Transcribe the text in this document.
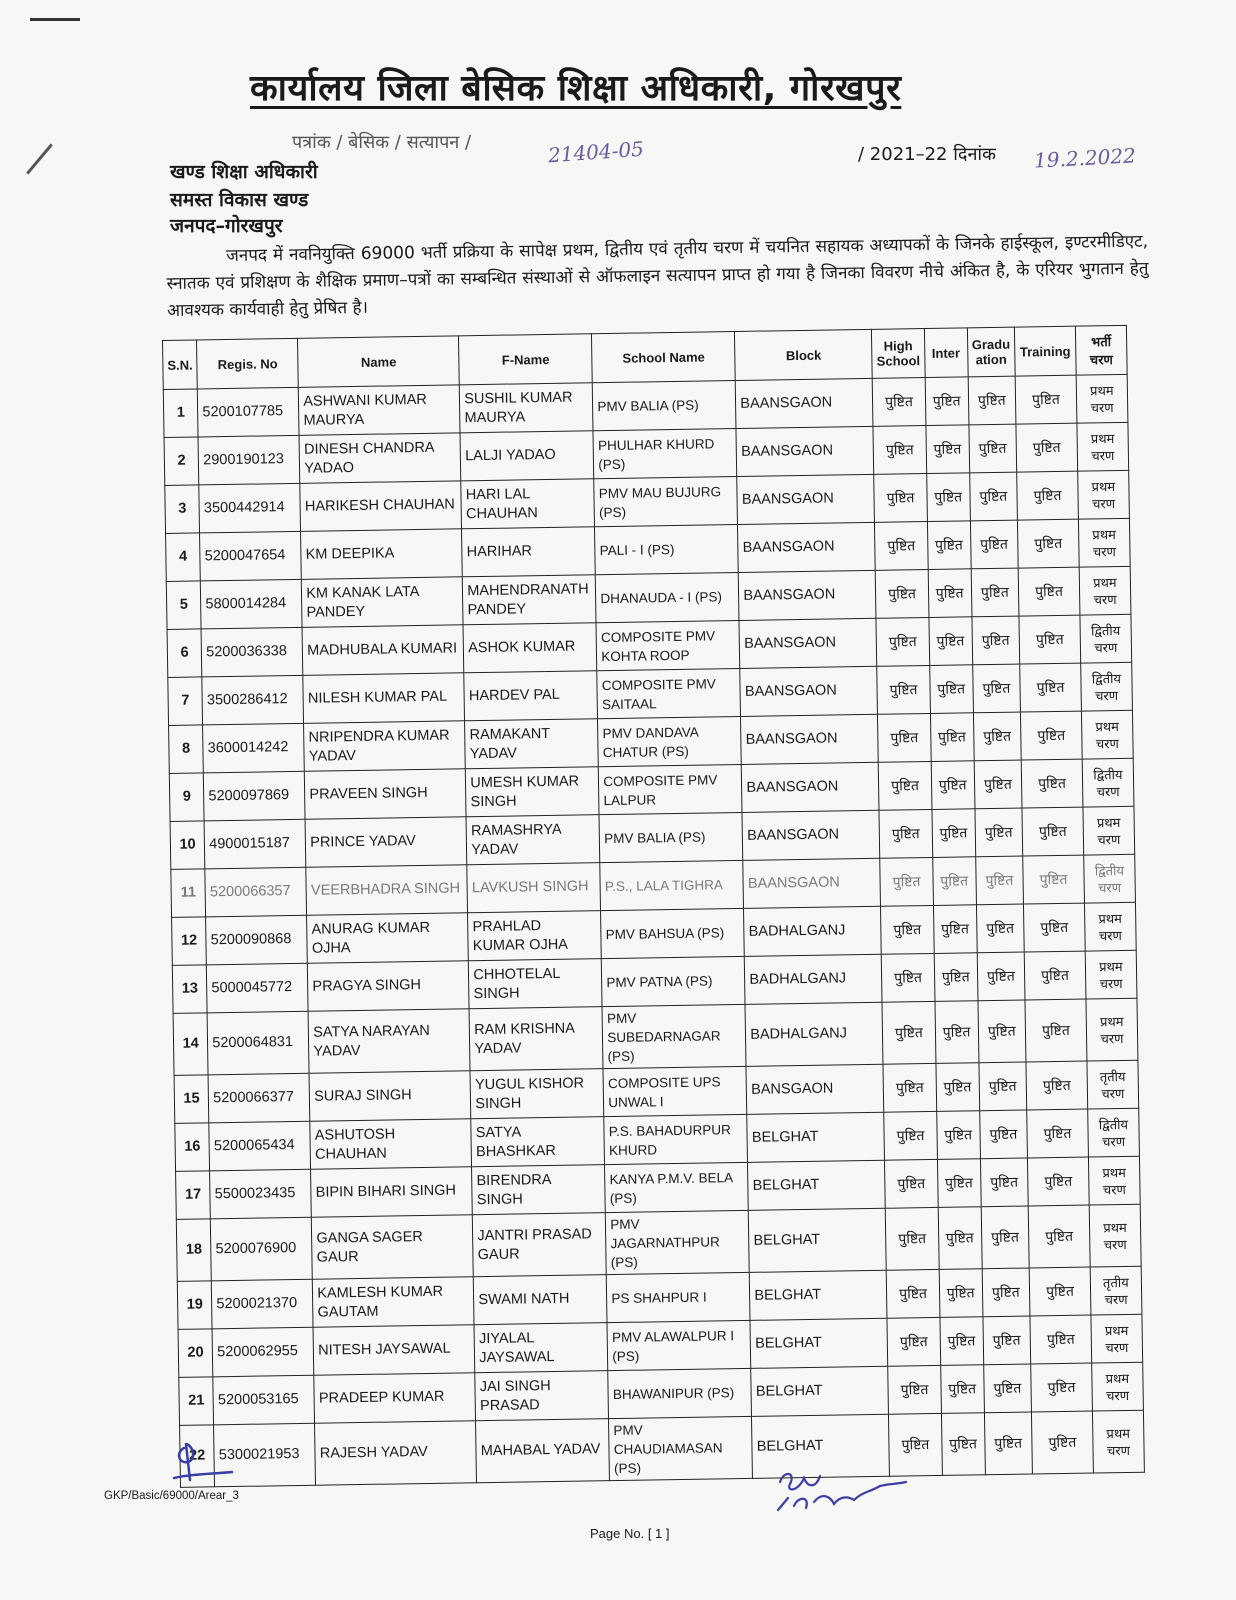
कार्यालय जिला बेसिक शिक्षा अधिकारी, गोरखपुर
पत्रांक / बेसिक / सत्यापन /	21404-05	/ 2021–22 दिनांक 19.2.2022
खण्ड शिक्षा अधिकारी
समस्त विकास खण्ड
जनपद–गोरखपुर
जनपद में नवनियुक्ति 69000 भर्ती प्रक्रिया के सापेक्ष प्रथम, द्वितीय एवं तृतीय चरण में चयनित सहायक अध्यापकों के जिनके हाईस्कूल, इण्टरमीडिएट, स्नातक एवं प्रशिक्षण के शैक्षिक प्रमाण–पत्रों का सम्बन्धित संस्थाओं से ऑफलाइन सत्यापन प्राप्त हो गया है जिनका विवरण नीचे अंकित है, के एरियर भुगतान हेतु आवश्यक कार्यवाही हेतु प्रेषित है।
S.N.	Regis. No	Name	F-Name	School Name	Block	High School	Inter	Gradu ation	Training	भर्ती चरण
1	5200107785	ASHWANI KUMAR MAURYA	SUSHIL KUMAR MAURYA	PMV BALIA (PS)	BAANSGAON	पुष्टित	पुष्टित	पुष्टित	पुष्टित	प्रथम चरण
2	2900190123	DINESH CHANDRA YADAO	LALJI YADAO	PHULHAR KHURD (PS)	BAANSGAON	पुष्टित	पुष्टित	पुष्टित	पुष्टित	प्रथम चरण
3	3500442914	HARIKESH CHAUHAN	HARI LAL CHAUHAN	PMV MAU BUJURG (PS)	BAANSGAON	पुष्टित	पुष्टित	पुष्टित	पुष्टित	प्रथम चरण
4	5200047654	KM DEEPIKA	HARIHAR	PALI - I (PS)	BAANSGAON	पुष्टित	पुष्टित	पुष्टित	पुष्टित	प्रथम चरण
5	5800014284	KM KANAK LATA PANDEY	MAHENDRANATH PANDEY	DHANAUDA - I (PS)	BAANSGAON	पुष्टित	पुष्टित	पुष्टित	पुष्टित	प्रथम चरण
6	5200036338	MADHUBALA KUMARI	ASHOK KUMAR	COMPOSITE PMV KOHTA ROOP	BAANSGAON	पुष्टित	पुष्टित	पुष्टित	पुष्टित	द्वितीय चरण
7	3500286412	NILESH KUMAR PAL	HARDEV PAL	COMPOSITE PMV SAITAAL	BAANSGAON	पुष्टित	पुष्टित	पुष्टित	पुष्टित	द्वितीय चरण
8	3600014242	NRIPENDRA KUMAR YADAV	RAMAKANT YADAV	PMV DANDAVA CHATUR (PS)	BAANSGAON	पुष्टित	पुष्टित	पुष्टित	पुष्टित	प्रथम चरण
9	5200097869	PRAVEEN SINGH	UMESH KUMAR SINGH	COMPOSITE PMV LALPUR	BAANSGAON	पुष्टित	पुष्टित	पुष्टित	पुष्टित	द्वितीय चरण
10	4900015187	PRINCE YADAV	RAMASHRYA YADAV	PMV BALIA (PS)	BAANSGAON	पुष्टित	पुष्टित	पुष्टित	पुष्टित	प्रथम चरण
11	5200066357	VEERBHADRA SINGH	LAVKUSH SINGH	P.S., LALA TIGHRA	BAANSGAON	पुष्टित	पुष्टित	पुष्टित	पुष्टित	द्वितीय चरण
12	5200090868	ANURAG KUMAR OJHA	PRAHLAD KUMAR OJHA	PMV BAHSUA (PS)	BADHALGANJ	पुष्टित	पुष्टित	पुष्टित	पुष्टित	प्रथम चरण
13	5000045772	PRAGYA SINGH	CHHOTELAL SINGH	PMV PATNA (PS)	BADHALGANJ	पुष्टित	पुष्टित	पुष्टित	पुष्टित	प्रथम चरण
14	5200064831	SATYA NARAYAN YADAV	RAM KRISHNA YADAV	PMV SUBEDARNAGAR (PS)	BADHALGANJ	पुष्टित	पुष्टित	पुष्टित	पुष्टित	प्रथम चरण
15	5200066377	SURAJ SINGH	YUGUL KISHOR SINGH	COMPOSITE UPS UNWAL I	BANSGAON	पुष्टित	पुष्टित	पुष्टित	पुष्टित	तृतीय चरण
16	5200065434	ASHUTOSH CHAUHAN	SATYA BHASHKAR	P.S. BAHADURPUR KHURD	BELGHAT	पुष्टित	पुष्टित	पुष्टित	पुष्टित	द्वितीय चरण
17	5500023435	BIPIN BIHARI SINGH	BIRENDRA SINGH	KANYA P.M.V. BELA (PS)	BELGHAT	पुष्टित	पुष्टित	पुष्टित	पुष्टित	प्रथम चरण
18	5200076900	GANGA SAGER GAUR	JANTRI PRASAD GAUR	PMV JAGARNATHPUR (PS)	BELGHAT	पुष्टित	पुष्टित	पुष्टित	पुष्टित	प्रथम चरण
19	5200021370	KAMLESH KUMAR GAUTAM	SWAMI NATH	PS SHAHPUR I	BELGHAT	पुष्टित	पुष्टित	पुष्टित	पुष्टित	तृतीय चरण
20	5200062955	NITESH JAYSAWAL	JIYALAL JAYSAWAL	PMV ALAWALPUR I (PS)	BELGHAT	पुष्टित	पुष्टित	पुष्टित	पुष्टित	प्रथम चरण
21	5200053165	PRADEEP KUMAR	JAI SINGH PRASAD	BHAWANIPUR (PS)	BELGHAT	पुष्टित	पुष्टित	पुष्टित	पुष्टित	प्रथम चरण
22	5300021953	RAJESH YADAV	MAHABAL YADAV	PMV CHAUDIAMASAN (PS)	BELGHAT	पुष्टित	पुष्टित	पुष्टित	पुष्टित	प्रथम चरण
GKP/Basic/69000/Arear_3
Page No. [ 1 ]
